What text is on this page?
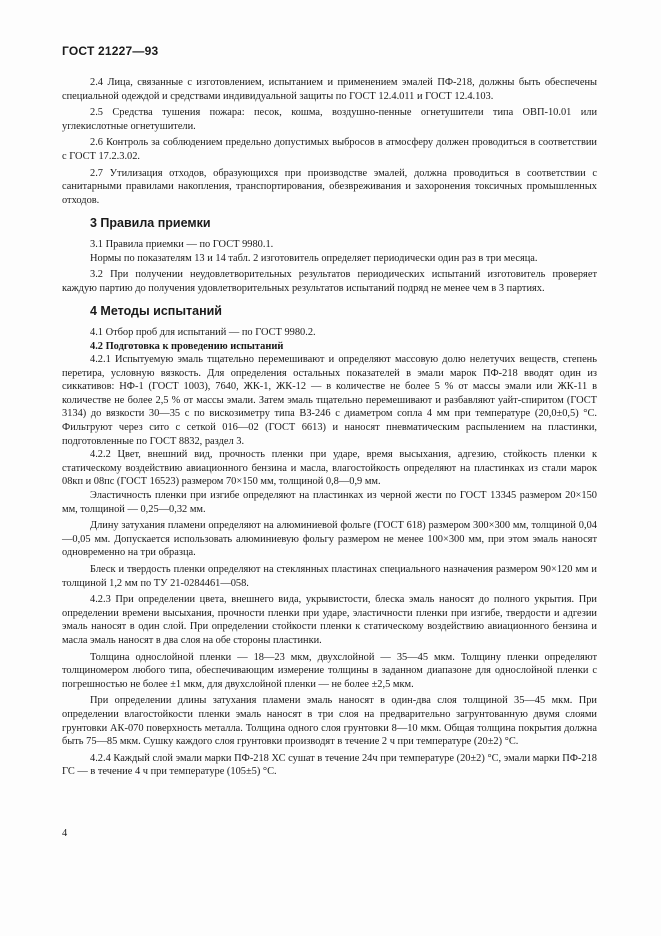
ГОСТ 21227—93

2.4 Лица, связанные с изготовлением, испытанием и применением эмалей ПФ-218, должны быть обеспечены специальной одеждой и средствами индивидуальной защиты по ГОСТ 12.4.011 и ГОСТ 12.4.103.

2.5 Средства тушения пожара: песок, кошма, воздушно-пенные огнетушители типа ОВП-10.01 или углекислотные огнетушители.

2.6 Контроль за соблюдением предельно допустимых выбросов в атмосферу должен проводиться в соответствии с ГОСТ 17.2.3.02.

2.7 Утилизация отходов, образующихся при производстве эмалей, должна проводиться в соответствии с санитарными правилами накопления, транспортирования, обезвреживания и захоронения токсичных промышленных отходов.

3 Правила приемки

3.1 Правила приемки — по ГОСТ 9980.1.

Нормы по показателям 13 и 14 табл. 2 изготовитель определяет периодически один раз в три месяца.

3.2 При получении неудовлетворительных результатов периодических испытаний изготовитель проверяет каждую партию до получения удовлетворительных результатов испытаний подряд не менее чем в 3 партиях.

4 Методы испытаний

4.1 Отбор проб для испытаний — по ГОСТ 9980.2.

4.2 Подготовка к проведению испытаний

4.2.1 Испытуемую эмаль тщательно перемешивают и определяют массовую долю нелетучих веществ, степень перетира, условную вязкость. Для определения остальных показателей в эмали марок ПФ-218 вводят один из сиккативов: НФ-1 (ГОСТ 1003), 7640, ЖК-1, ЖК-12 — в количестве не более 5 % от массы эмали или ЖК-11 в количестве не более 2,5 % от массы эмали. Затем эмаль тщательно перемешивают и разбавляют уайт-спиритом (ГОСТ 3134) до вязкости 30—35 с по вискозиметру типа ВЗ-246 с диаметром сопла 4 мм при температуре (20,0±0,5) °С. Фильтруют через сито с сеткой 016—02 (ГОСТ 6613) и наносят пневматическим распылением на пластинки, подготовленные по ГОСТ 8832, раздел 3.

4.2.2 Цвет, внешний вид, прочность пленки при ударе, время высыхания, адгезию, стойкость пленки к статическому воздействию авиационного бензина и масла, влагостойкость определяют на пластинках из стали марок 08кп и 08пс (ГОСТ 16523) размером 70×150 мм, толщиной 0,8—0,9 мм.

Эластичность пленки при изгибе определяют на пластинках из черной жести по ГОСТ 13345 размером 20×150 мм, толщиной — 0,25—0,32 мм.

Длину затухания пламени определяют на алюминиевой фольге (ГОСТ 618) размером 300×300 мм, толщиной 0,04—0,05 мм. Допускается использовать алюминиевую фольгу размером не менее 100×300 мм, при этом эмаль наносят одновременно на три образца.

Блеск и твердость пленки определяют на стеклянных пластинах специального назначения размером 90×120 мм и толщиной 1,2 мм по ТУ 21-0284461—058.

4.2.3 При определении цвета, внешнего вида, укрывистости, блеска эмаль наносят до полного укрытия. При определении времени высыхания, прочности пленки при ударе, эластичности пленки при изгибе, твердости и адгезии эмаль наносят в один слой. При определении стойкости пленки к статическому воздействию авиационного бензина и масла эмаль наносят в два слоя на обе стороны пластинки.

Толщина однослойной пленки — 18—23 мкм, двухслойной — 35—45 мкм. Толщину пленки определяют толщиномером любого типа, обеспечивающим измерение толщины в заданном диапазоне для однослойной пленки с погрешностью не более ±1 мкм, для двухслойной пленки — не более ±2,5 мкм.

При определении длины затухания пламени эмаль наносят в один-два слоя толщиной 35—45 мкм. При определении влагостойкости пленки эмаль наносят в три слоя на предварительно загрунтованную двумя слоями грунтовки АК-070 поверхность металла. Толщина одного слоя грунтовки 8—10 мкм. Общая толщина покрытия должна быть 75—85 мкм. Сушку каждого слоя грунтовки производят в течение 2 ч при температуре (20±2) °С.

4.2.4 Каждый слой эмали марки ПФ-218 ХС сушат в течение 24ч при температуре (20±2) °С, эмали марки ПФ-218 ГС — в течение 4 ч при температуре (105±5) °С.

4
